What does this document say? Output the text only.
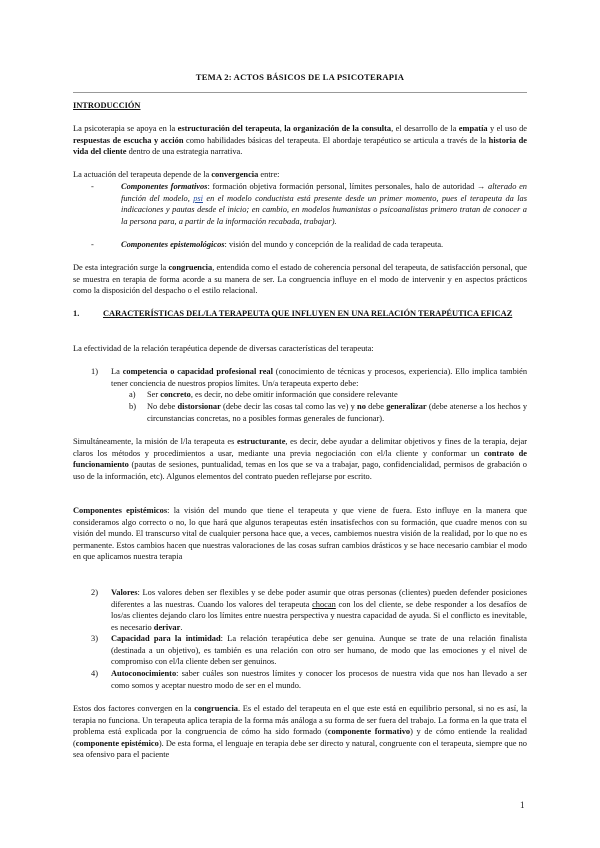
TEMA 2: ACTOS BÁSICOS DE LA PSICOTERAPIA

INTRODUCCIÓN

La psicoterapia se apoya en la estructuración del terapeuta, la organización de la consulta, el desarrollo de la empatía y el uso de respuestas de escucha y acción como habilidades básicas del terapeuta. El abordaje terapéutico se articula a través de la historia de vida del cliente dentro de una estrategia narrativa.

La actuación del terapeuta depende de la convergencia entre:

-	Componentes formativos: formación objetiva formación personal, límites personales, halo de autoridad → alterado en función del modelo, psi en el modelo conductista está presente desde un primer momento, pues el terapeuta da las indicaciones y pautas desde el inicio; en cambio, en modelos humanistas o psicoanalistas primero tratan de conocer a la persona para, a partir de la información recabada, trabajar).
-	Componentes epistemológicos: visión del mundo y concepción de la realidad de cada terapeuta.

De esta integración surge la congruencia, entendida como el estado de coherencia personal del terapeuta, de satisfacción personal, que se muestra en terapia de forma acorde a su manera de ser. La congruencia influye en el modo de intervenir y en aspectos prácticos como la disposición del despacho o el estilo relacional.

1.	CARACTERÍSTICAS DEL/LA TERAPEUTA QUE INFLUYEN EN UNA RELACIÓN TERAPÉUTICA EFICAZ

La efectividad de la relación terapéutica depende de diversas características del terapeuta:

1)	La competencia o capacidad profesional real (conocimiento de técnicas y procesos, experiencia). Ello implica también tener conciencia de nuestros propios límites. Un/a terapeuta experto debe:
a)	Ser concreto, es decir, no debe omitir información que considere relevante
b)	No debe distorsionar (debe decir las cosas tal como las ve) y no debe generalizar (debe atenerse a los hechos y circunstancias concretas, no a posibles formas generales de funcionar).

Simultáneamente, la misión de l/la terapeuta es estructurante, es decir, debe ayudar a delimitar objetivos y fines de la terapia, dejar claros los métodos y procedimientos a usar, mediante una previa negociación con el/la cliente y conformar un contrato de funcionamiento (pautas de sesiones, puntualidad, temas en los que se va a trabajar, pago, confidencialidad, permisos de grabación o uso de la información, etc). Algunos elementos del contrato pueden reflejarse por escrito.

Componentes epistémicos: la visión del mundo que tiene el terapeuta y que viene de fuera. Esto influye en la manera que consideramos algo correcto o no, lo que hará que algunos terapeutas estén insatisfechos con su formación, que cuadre menos con su visión del mundo. El transcurso vital de cualquier persona hace que, a veces, cambiemos nuestra visión de la realidad, por lo que no es permanente. Estos cambios hacen que nuestras valoraciones de las cosas sufran cambios drásticos y se hace necesario cambiar el modo en que aplicamos nuestra terapia

2)	Valores: Los valores deben ser flexibles y se debe poder asumir que otras personas (clientes) pueden defender posiciones diferentes a las nuestras. Cuando los valores del terapeuta chocan con los del cliente, se debe responder a los desafíos de los/as clientes dejando claro los límites entre nuestra perspectiva y nuestra capacidad de ayuda. Si el conflicto es inevitable, es necesario derivar.
3)	Capacidad para la intimidad: La relación terapéutica debe ser genuina. Aunque se trate de una relación finalista (destinada a un objetivo), es también es una relación con otro ser humano, de modo que las emociones y el nivel de compromiso con el/la cliente deben ser genuinos.
4)	Autoconocimiento: saber cuáles son nuestros límites y conocer los procesos de nuestra vida que nos han llevado a ser como somos y aceptar nuestro modo de ser en el mundo.

Estos dos factores convergen en la congruencia. Es el estado del terapeuta en el que este está en equilibrio personal, si no es así, la terapia no funciona. Un terapeuta aplica terapia de la forma más análoga a su forma de ser fuera del trabajo. La forma en la que trata el problema está explicada por la congruencia de cómo ha sido formado (componente formativo) y de cómo entiende la realidad (componente epistémico). De esta forma, el lenguaje en terapia debe ser directo y natural, congruente con el terapeuta, siempre que no sea ofensivo para el paciente

1
